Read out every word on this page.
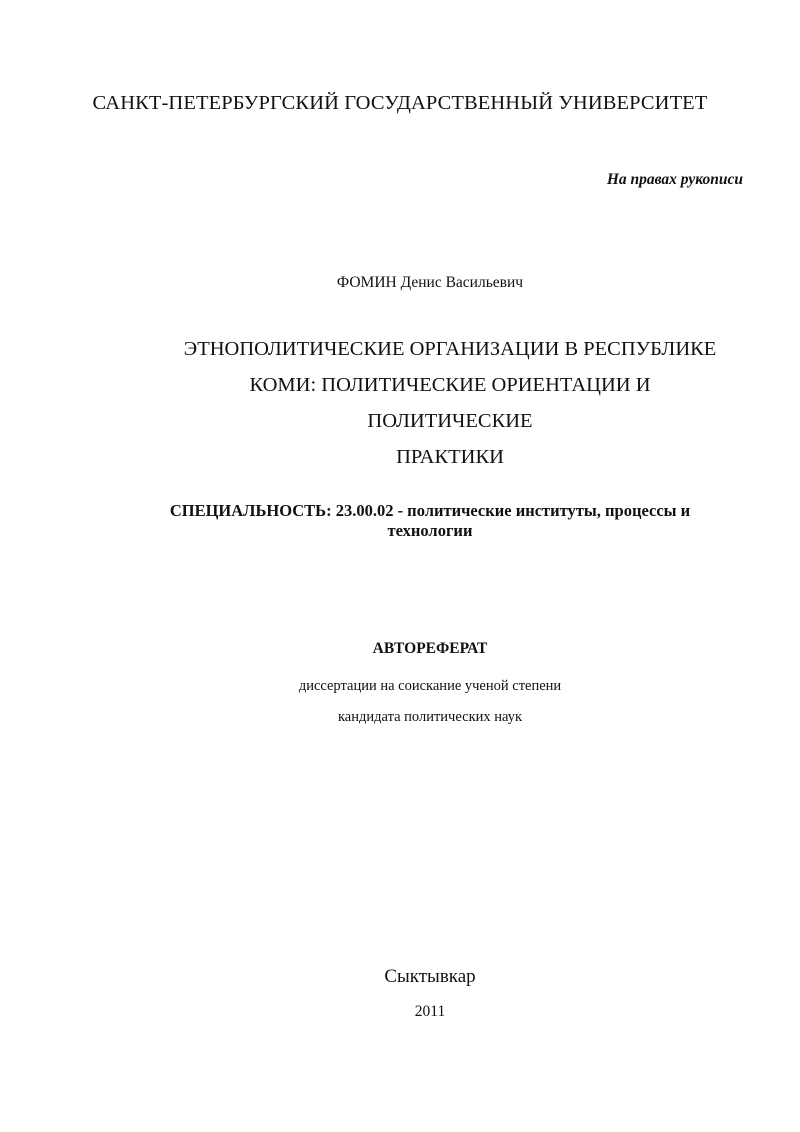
САНКТ-ПЕТЕРБУРГСКИЙ ГОСУДАРСТВЕННЫЙ УНИВЕРСИТЕТ

На правах рукописи

ФОМИН Денис Васильевич

ЭТНОПОЛИТИЧЕСКИЕ ОРГАНИЗАЦИИ В РЕСПУБЛИКЕ
КОМИ: ПОЛИТИЧЕСКИЕ ОРИЕНТАЦИИ И ПОЛИТИЧЕСКИЕ
ПРАКТИКИ
СПЕЦИАЛЬНОСТЬ: 23.00.02 - политические институты, процессы и
технологии

АВТОРЕФЕРАТ

диссертации на соискание ученой степени
кандидата политических наук

Сыктывкар

2011
